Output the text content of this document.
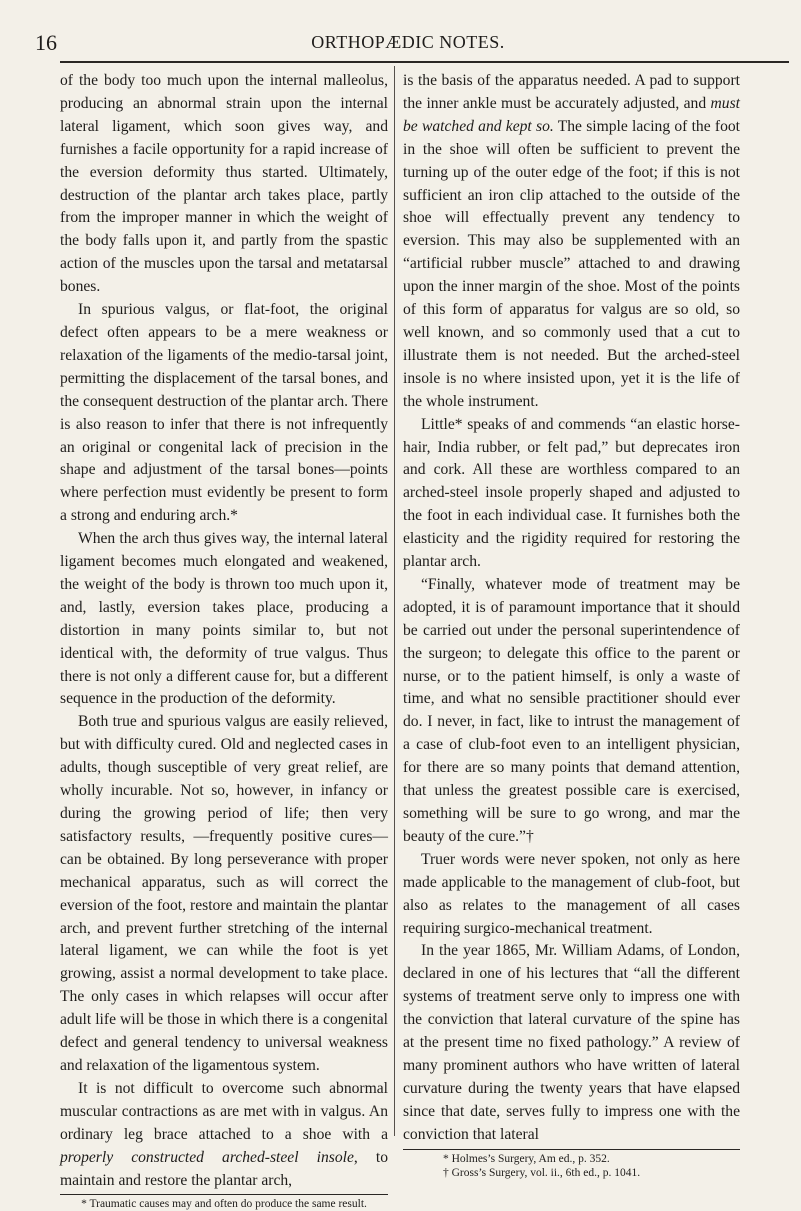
16	ORTHOPÆDIC NOTES.

of the body too much upon the internal malleolus, producing an abnormal strain upon the internal lateral ligament, which soon gives way, and furnishes a facile opportunity for a rapid increase of the eversion deformity thus started. Ultimately, destruction of the plantar arch takes place, partly from the improper manner in which the weight of the body falls upon it, and partly from the spastic action of the muscles upon the tarsal and metatarsal bones.

In spurious valgus, or flat-foot, the original defect often appears to be a mere weakness or relaxation of the ligaments of the medio-tarsal joint, permitting the displacement of the tarsal bones, and the consequent destruction of the plantar arch. There is also reason to infer that there is not infrequently an original or congenital lack of precision in the shape and adjustment of the tarsal bones—points where perfection must evidently be present to form a strong and enduring arch.*

When the arch thus gives way, the internal lateral ligament becomes much elongated and weakened, the weight of the body is thrown too much upon it, and, lastly, eversion takes place, producing a distortion in many points similar to, but not identical with, the deformity of true valgus. Thus there is not only a different cause for, but a different sequence in the production of the deformity.

Both true and spurious valgus are easily relieved, but with difficulty cured. Old and neglected cases in adults, though susceptible of very great relief, are wholly incurable. Not so, however, in infancy or during the growing period of life; then very satisfactory results, —frequently positive cures—can be obtained. By long perseverance with proper mechanical apparatus, such as will correct the eversion of the foot, restore and maintain the plantar arch, and prevent further stretching of the internal lateral ligament, we can while the foot is yet growing, assist a normal development to take place. The only cases in which relapses will occur after adult life will be those in which there is a congenital defect and general tendency to universal weakness and relaxation of the ligamentous system.

It is not difficult to overcome such abnormal muscular contractions as are met with in valgus. An ordinary leg brace attached to a shoe with a properly constructed arched-steel insole, to maintain and restore the plantar arch,

* Traumatic causes may and often do produce the same result.

is the basis of the apparatus needed. A pad to support the inner ankle must be accurately adjusted, and must be watched and kept so. The simple lacing of the foot in the shoe will often be sufficient to prevent the turning up of the outer edge of the foot; if this is not sufficient an iron clip attached to the outside of the shoe will effectually prevent any tendency to eversion. This may also be supplemented with an “artificial rubber muscle” attached to and drawing upon the inner margin of the shoe. Most of the points of this form of apparatus for valgus are so old, so well known, and so commonly used that a cut to illustrate them is not needed. But the arched-steel insole is no where insisted upon, yet it is the life of the whole instrument.

Little* speaks of and commends “an elastic horse-hair, India rubber, or felt pad,” but deprecates iron and cork. All these are worthless compared to an arched-steel insole properly shaped and adjusted to the foot in each individual case. It furnishes both the elasticity and the rigidity required for restoring the plantar arch.

“Finally, whatever mode of treatment may be adopted, it is of paramount importance that it should be carried out under the personal superintendence of the surgeon; to delegate this office to the parent or nurse, or to the patient himself, is only a waste of time, and what no sensible practitioner should ever do. I never, in fact, like to intrust the management of a case of club-foot even to an intelligent physician, for there are so many points that demand attention, that unless the greatest possible care is exercised, something will be sure to go wrong, and mar the beauty of the cure.”†

Truer words were never spoken, not only as here made applicable to the management of club-foot, but also as relates to the management of all cases requiring surgico-mechanical treatment.

In the year 1865, Mr. William Adams, of London, declared in one of his lectures that “all the different systems of treatment serve only to impress one with the conviction that lateral curvature of the spine has at the present time no fixed pathology.” A review of many prominent authors who have written of lateral curvature during the twenty years that have elapsed since that date, serves fully to impress one with the conviction that lateral

* Holmes’s Surgery, Am ed., p. 352.

† Gross’s Surgery, vol. ii., 6th ed., p. 1041.
